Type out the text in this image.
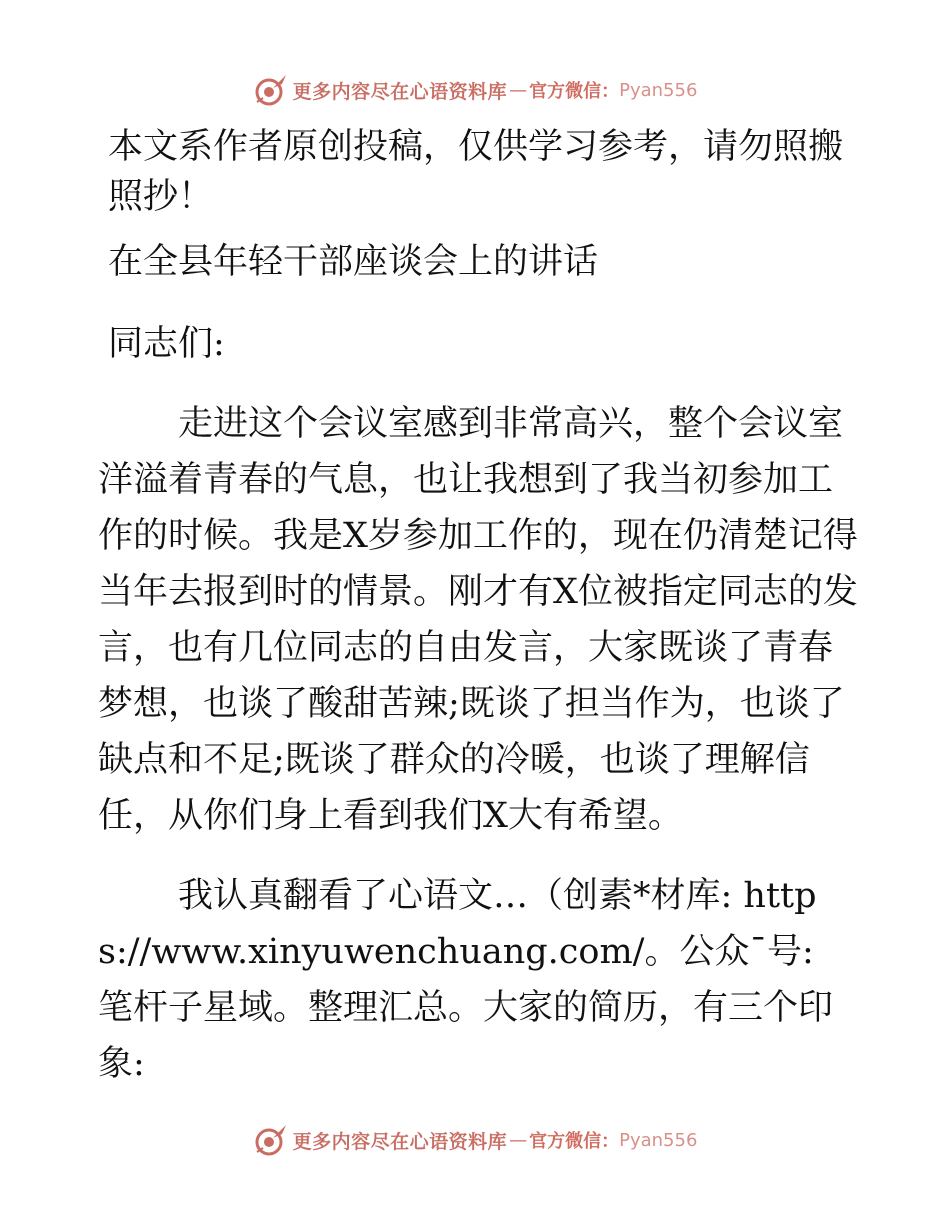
更多内容尽在心语资料库 — 官方微信： Pyan556

本文系作者原创投稿，仅供学习参考，请勿照搬照抄！

在全县年轻干部座谈会上的讲话

同志们:

走进这个会议室感到非常高兴，整个会议室洋溢着青春的气息，也让我想到了我当初参加工作的时候。我是X岁参加工作的，现在仍清楚记得当年去报到时的情景。刚才有X位被指定同志的发言，也有几位同志的自由发言，大家既谈了青春梦想，也谈了酸甜苦辣;既谈了担当作为，也谈了缺点和不足;既谈了群众的冷暖，也谈了理解信任，从你们身上看到我们X大有希望。

我认真翻看了心语文…（创素*材库: https://www.xinyuwenchuang.com/。公众¯号: 笔杆子星域。整理汇总。大家的简历，有三个印象:

更多内容尽在心语资料库 — 官方微信： Pyan556
